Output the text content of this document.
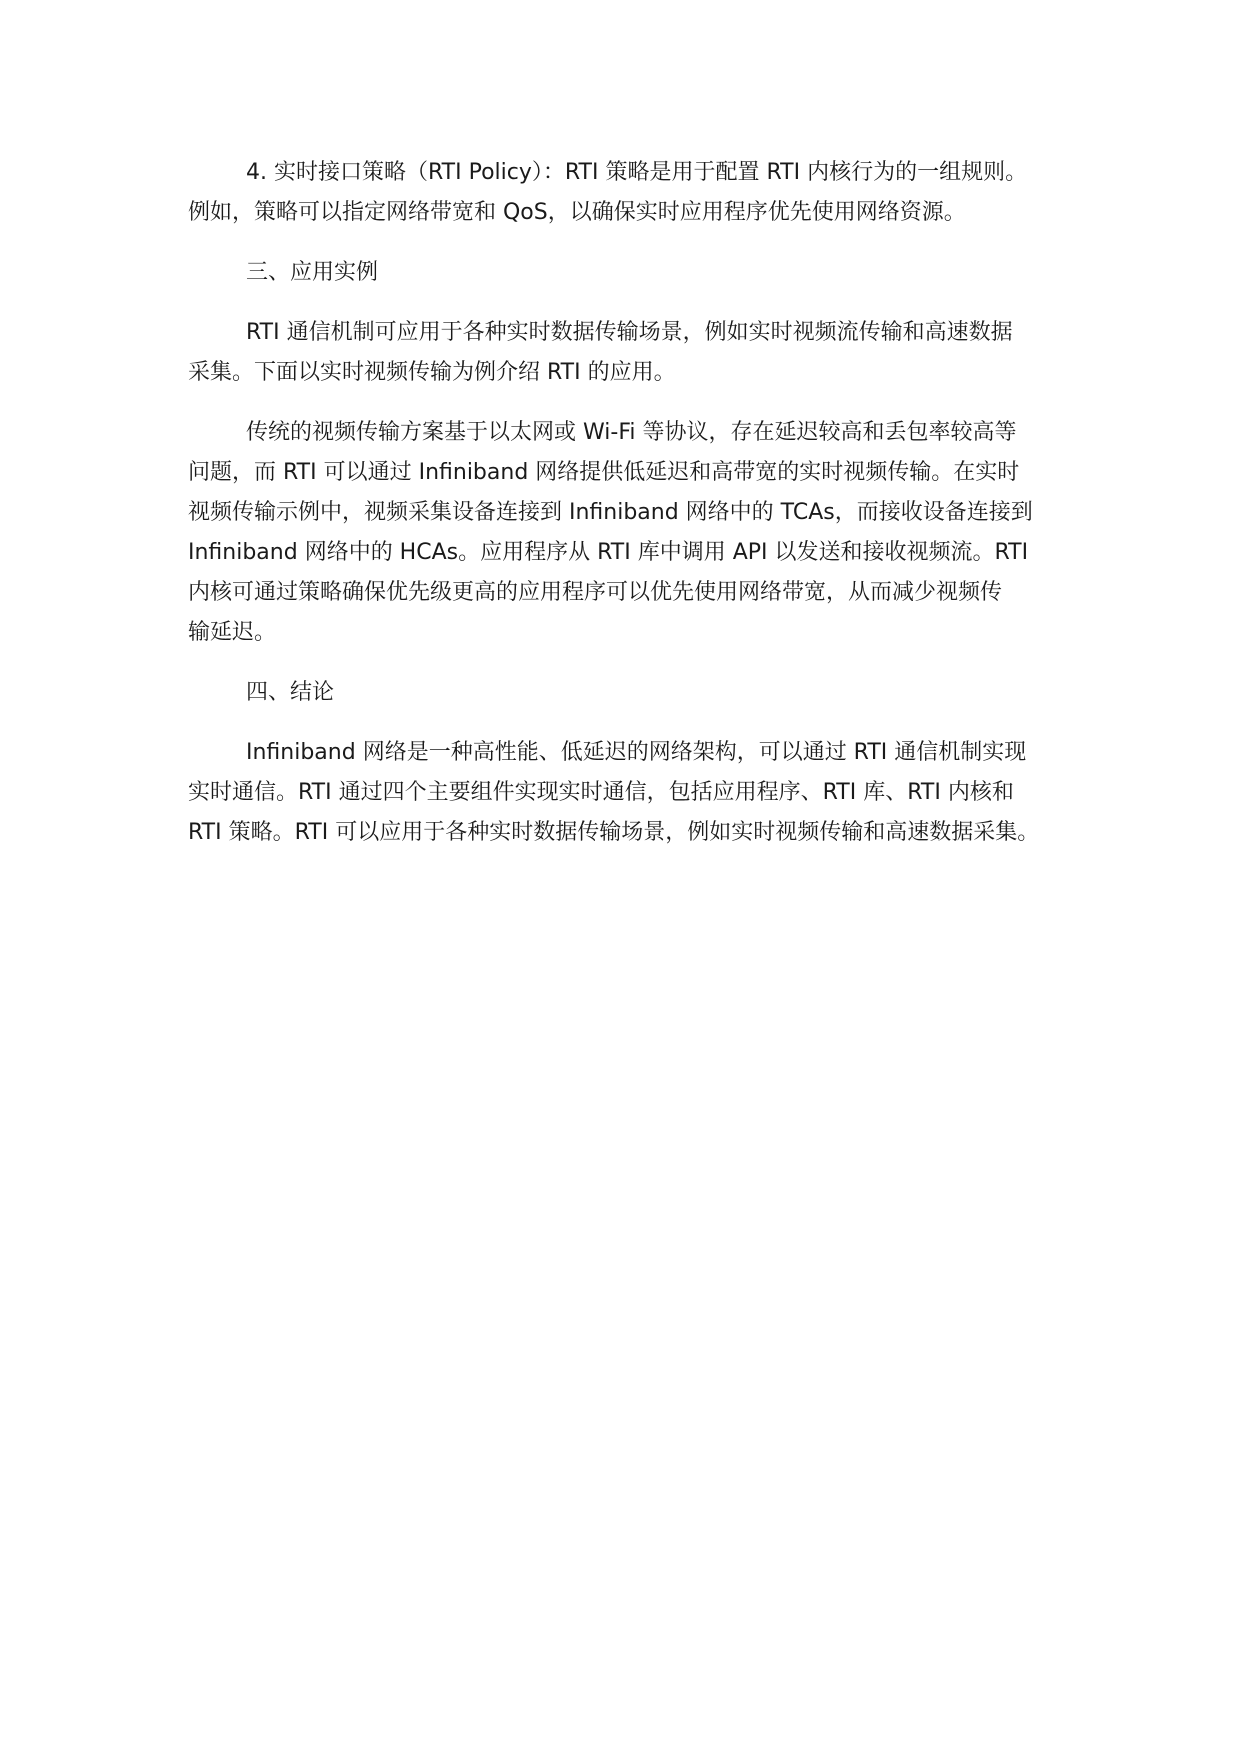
4. 实时接口策略（RTI Policy）：RTI 策略是用于配置 RTI 内核行为的一组规则。
例如，策略可以指定网络带宽和 QoS，以确保实时应用程序优先使用网络资源。
三、应用实例
RTI 通信机制可应用于各种实时数据传输场景，例如实时视频流传输和高速数据
采集。下面以实时视频传输为例介绍 RTI 的应用。
传统的视频传输方案基于以太网或 Wi-Fi 等协议，存在延迟较高和丢包率较高等
问题，而 RTI 可以通过 Infiniband 网络提供低延迟和高带宽的实时视频传输。在实时
视频传输示例中，视频采集设备连接到 Infiniband 网络中的 TCAs，而接收设备连接到
Infiniband 网络中的 HCAs。应用程序从 RTI 库中调用 API 以发送和接收视频流。RTI
内核可通过策略确保优先级更高的应用程序可以优先使用网络带宽，从而减少视频传
输延迟。
四、结论
Infiniband 网络是一种高性能、低延迟的网络架构，可以通过 RTI 通信机制实现
实时通信。RTI 通过四个主要组件实现实时通信，包括应用程序、RTI 库、RTI 内核和
RTI 策略。RTI 可以应用于各种实时数据传输场景，例如实时视频传输和高速数据采集。
